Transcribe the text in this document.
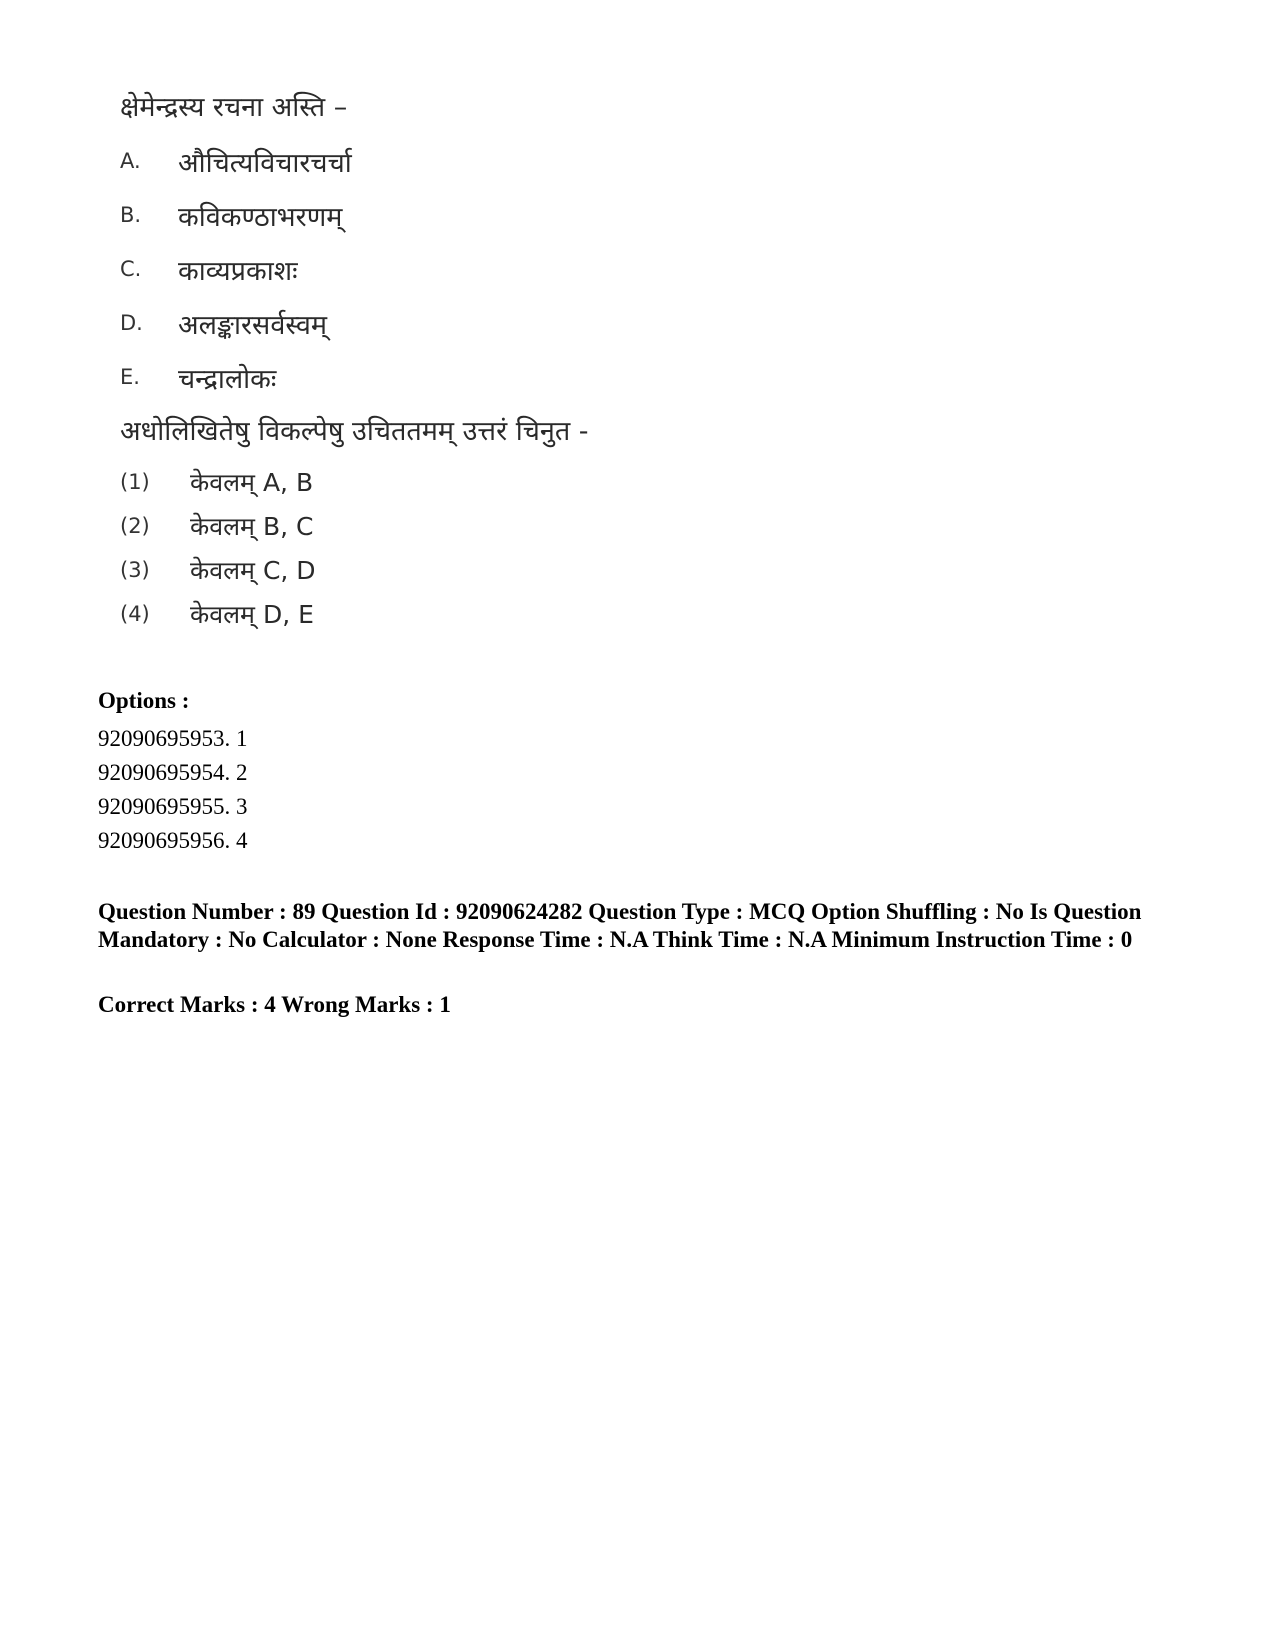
क्षेमेन्द्रस्य रचना अस्ति –
A.	औचित्यविचारचर्चा
B.	कविकण्ठाभरणम्
C.	काव्यप्रकाशः
D.	अलङ्कारसर्वस्वम्
E.	चन्द्रालोकः
अधोलिखितेषु विकल्पेषु उचिततमम् उत्तरं चिनुत -
(1)	केवलम् A, B
(2)	केवलम् B, C
(3)	केवलम् C, D
(4)	केवलम् D, E
Options :
92090695953. 1
92090695954. 2
92090695955. 3
92090695956. 4
Question Number : 89 Question Id : 92090624282 Question Type : MCQ Option Shuffling : No Is Question Mandatory : No Calculator : None Response Time : N.A Think Time : N.A Minimum Instruction Time : 0
Correct Marks : 4 Wrong Marks : 1
